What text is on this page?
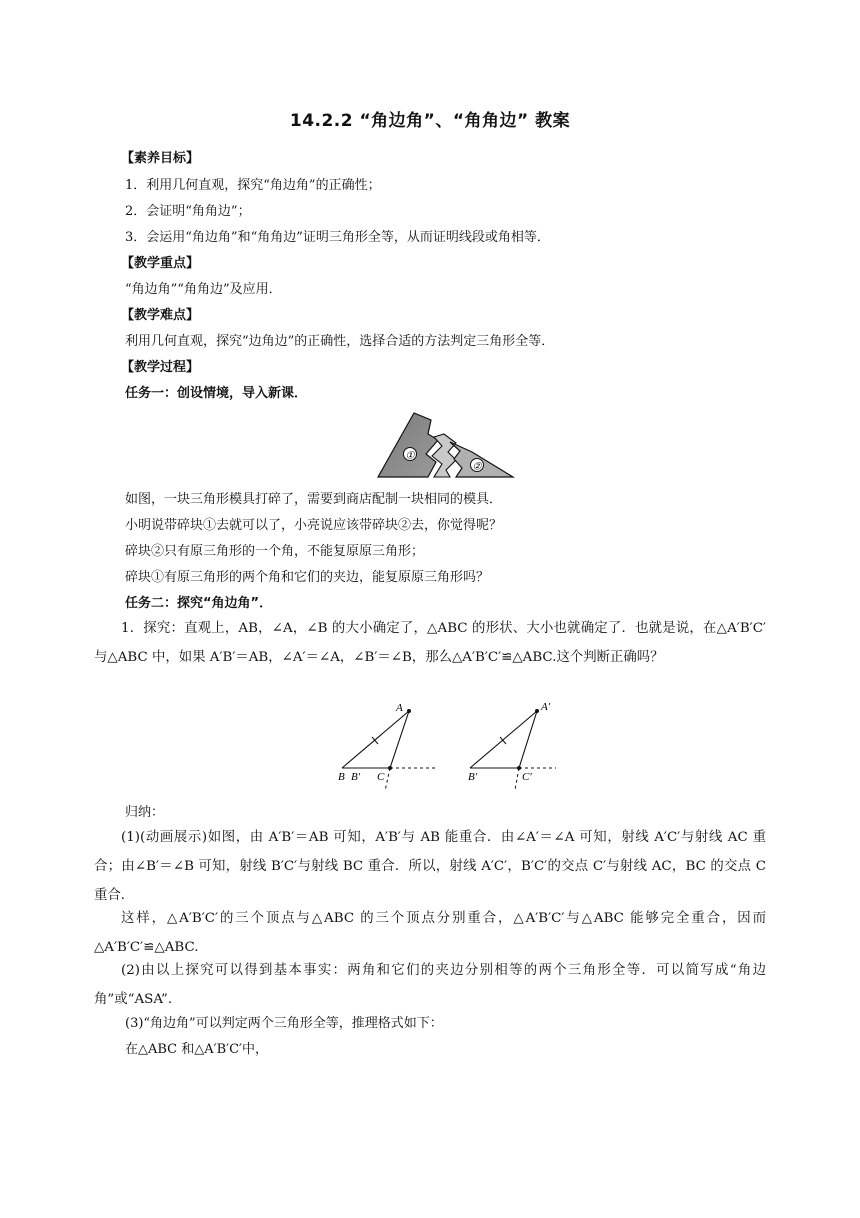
14.2.2 “角边角”、“角角边” 教案
【素养目标】
1．利用几何直观，探究“角边角”的正确性；
2．会证明“角角边”；
3．会运用“角边角”和“角角边”证明三角形全等，从而证明线段或角相等．
【教学重点】
“角边角”“角角边”及应用．
【教学难点】
利用几何直观，探究“边角边”的正确性，选择合适的方法判定三角形全等．
【教学过程】
任务一：创设情境，导入新课．
①
②
如图，一块三角形模具打碎了，需要到商店配制一块相同的模具．
小明说带碎块①去就可以了，小亮说应该带碎块②去，你觉得呢？
碎块②只有原三角形的一个角，不能复原原三角形；
碎块①有原三角形的两个角和它们的夹边，能复原原三角形吗？
任务二：探究“角边角”．
1．探究：直观上，AB，∠A，∠B 的大小确定了，△ABC 的形状、大小也就确定了．也就是说，在△A′B′C′与△ABC 中，如果 A′B′＝AB，∠A′＝∠A，∠B′＝∠B，那么△A′B′C′≌△ABC.这个判断正确吗？
A
B B′ C
A′
B′	C′
归纳：
(1)(动画展示)如图，由 A′B′＝AB 可知，A′B′与 AB 能重合．由∠A′＝∠A 可知，射线 A′C′与射线 AC 重合；由∠B′＝∠B 可知，射线 B′C′与射线 BC 重合．所以，射线 A′C′，B′C′的交点 C′与射线 AC，BC 的交点 C 重合．
这样，△A′B′C′的三个顶点与△ABC 的三个顶点分别重合，△A′B′C′与△ABC 能够完全重合，因而△A′B′C′≌△ABC.
(2)由以上探究可以得到基本事实：两角和它们的夹边分别相等的两个三角形全等．可以简写成“角边角”或“ASA”.
(3)“角边角”可以判定两个三角形全等，推理格式如下：
在△ABC 和△A′B′C′中，
